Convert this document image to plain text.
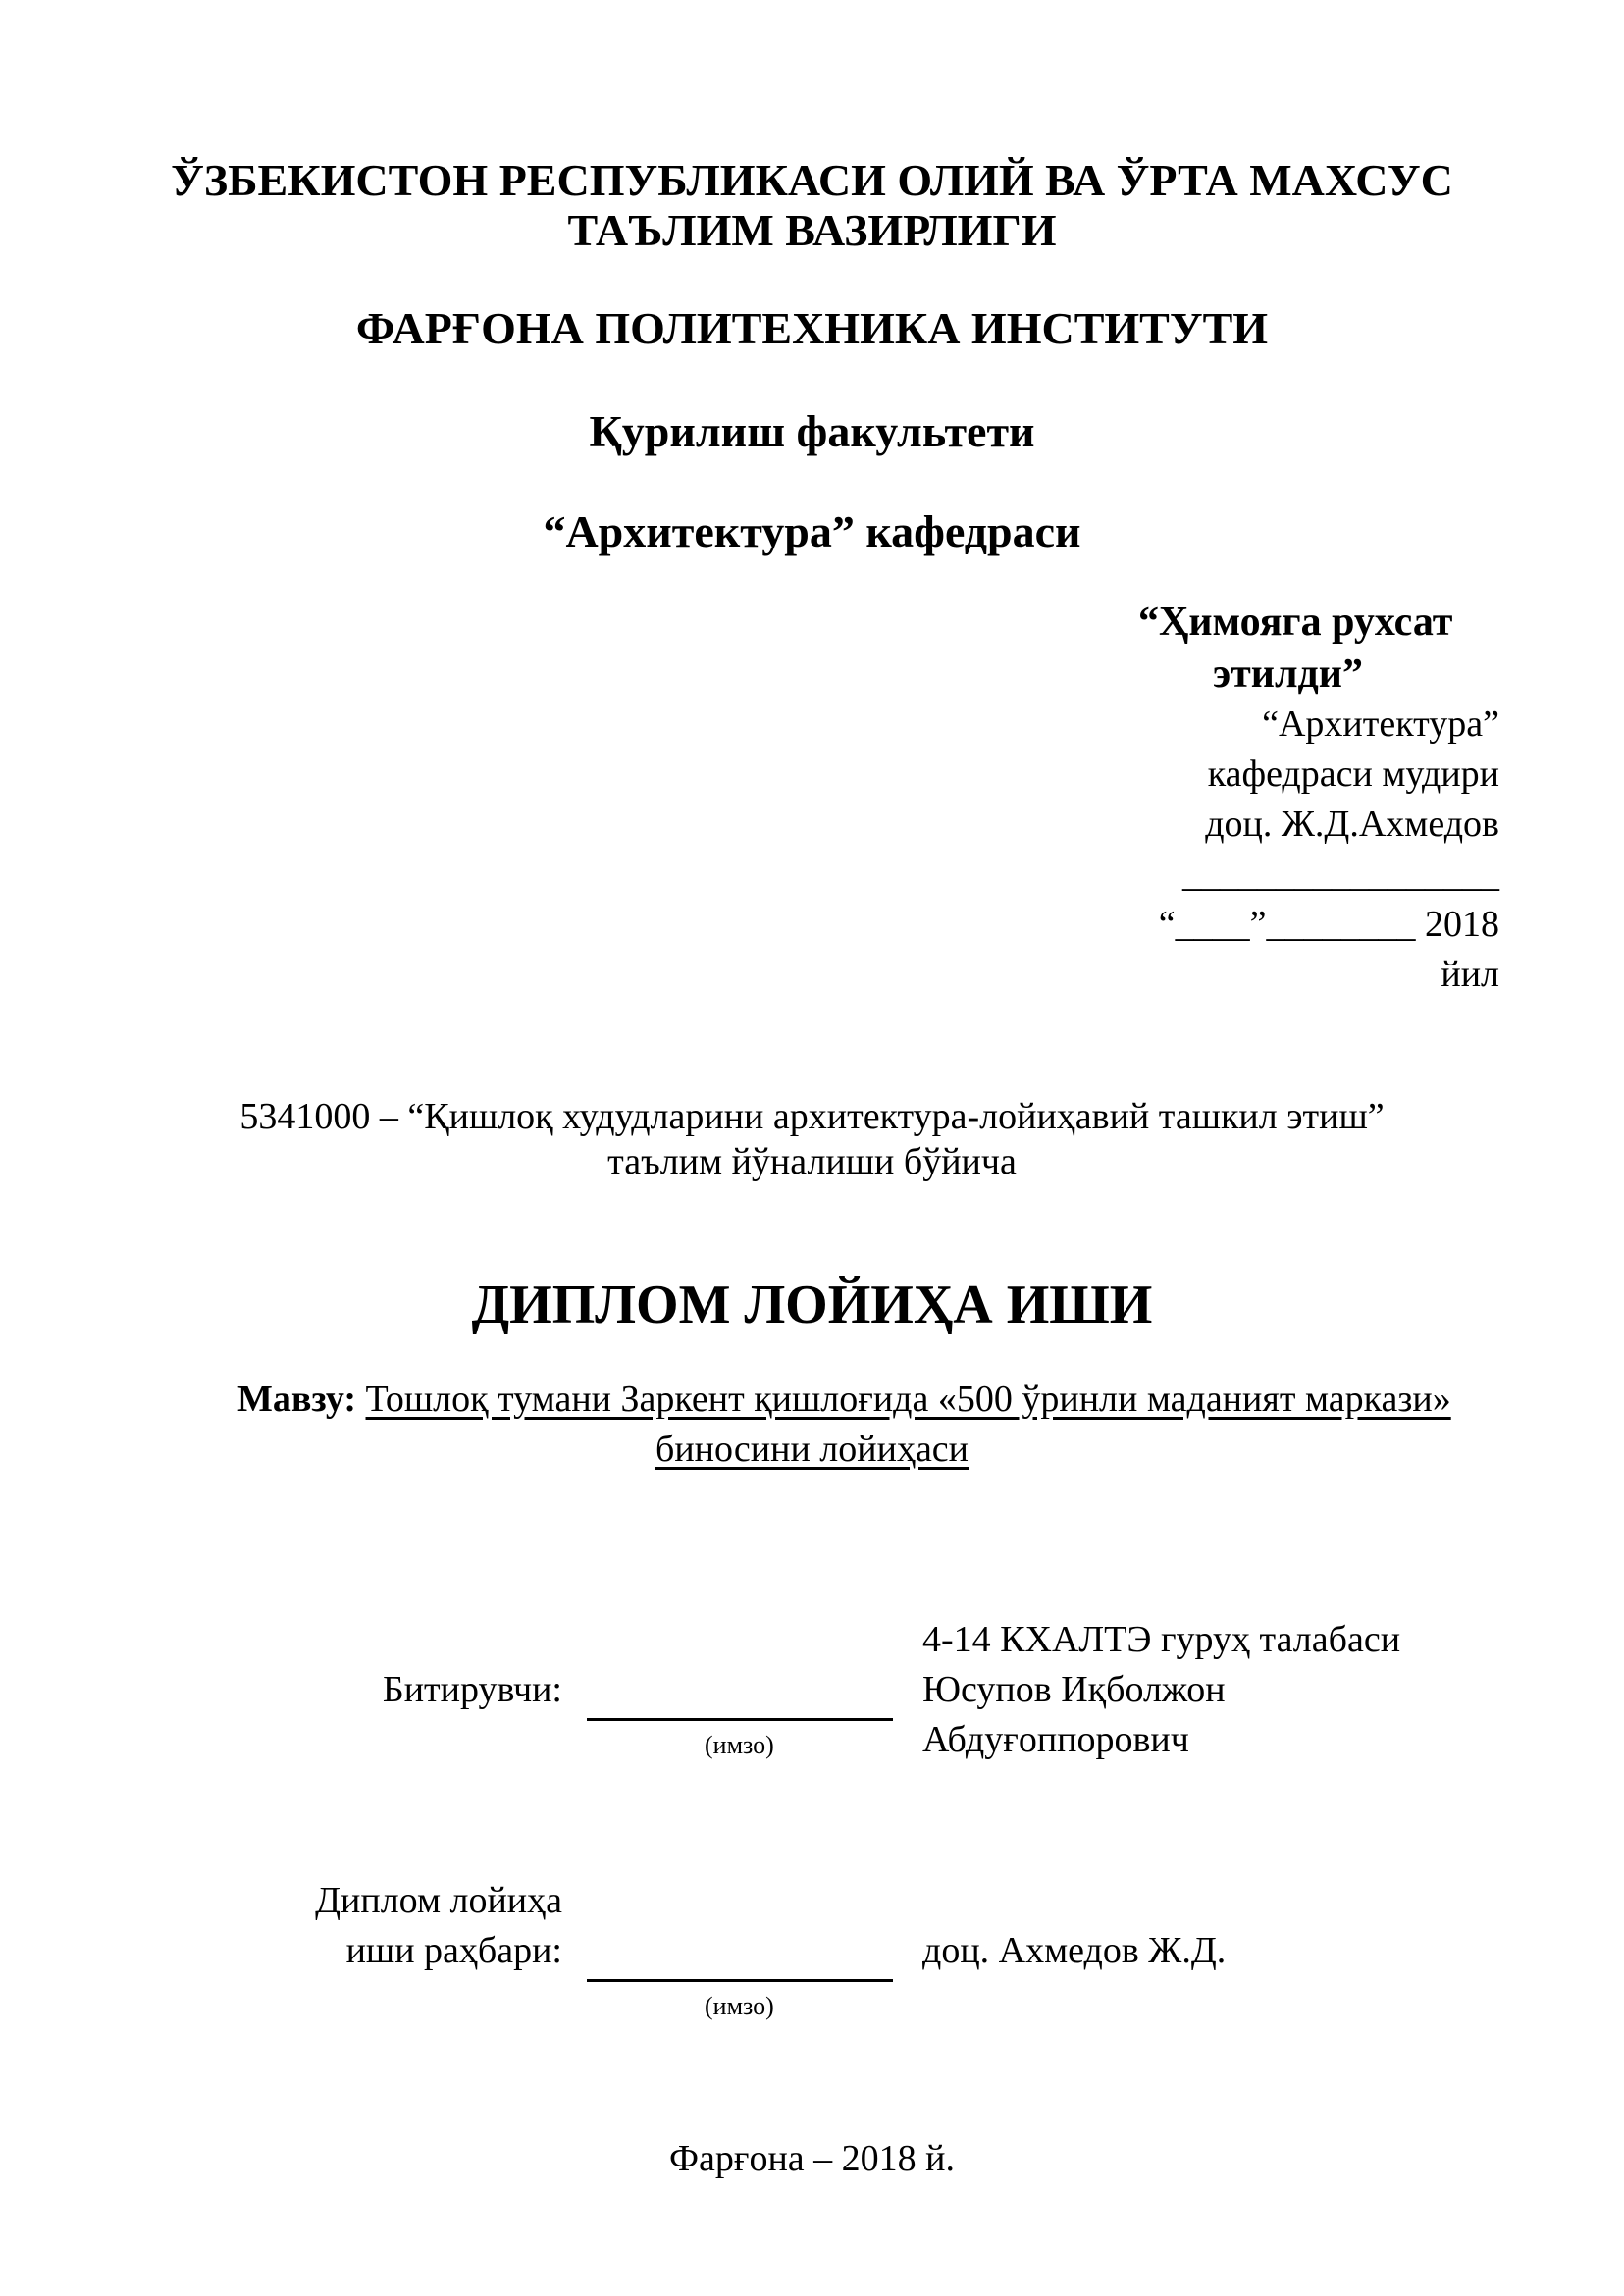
ЎЗБЕКИСТОН РЕСПУБЛИКАСИ ОЛИЙ ВА ЎРТА МАХСУС
ТАЪЛИМ ВАЗИРЛИГИ
ФАРҒОНА ПОЛИТЕХНИКА ИНСТИТУТИ
Қурилиш факультети
“Архитектура” кафедраси
“Ҳимояга рухсат
этилди”
“Архитектура”
кафедраси мудири
доц. Ж.Д.Ахмедов
_________________
“____”________ 2018
йил
5341000 – “Қишлоқ худудларини архитектура-лойиҳавий ташкил этиш”
таълим йўналиши бўйича
ДИПЛОМ ЛОЙИҲА ИШИ
Мавзу: Тошлоқ тумани Заркент қишлоғида «500 ўринли маданият маркази»
биносини лойиҳаси
4-14 КХАЛТЭ гуруҳ талабаси
Юсупов Иқболжон
Абдуғоппорович
Битирувчи:
(имзо)
Диплом лойиҳа
иши раҳбари:	доц. Ахмедов Ж.Д.
(имзо)
Фарғона – 2018 й.
